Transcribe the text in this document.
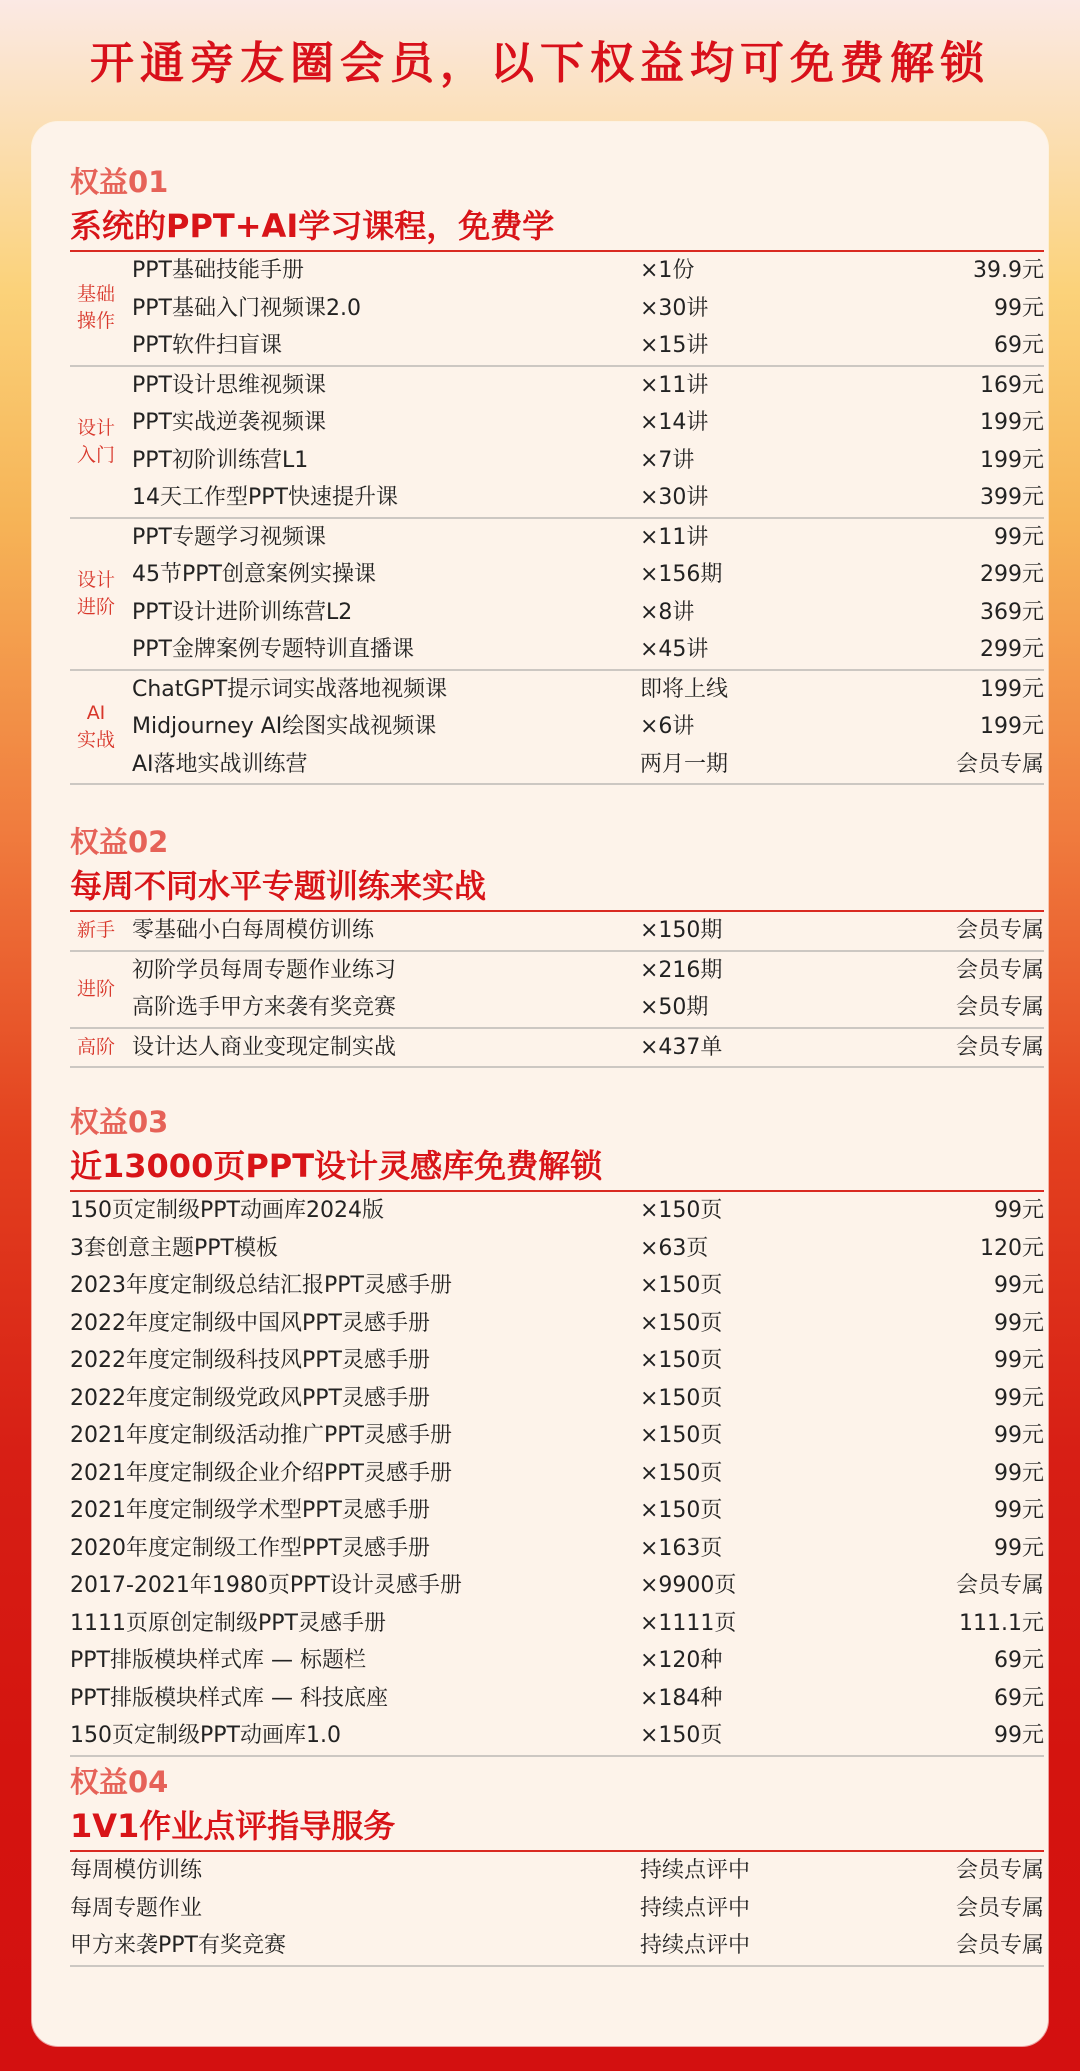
开通旁友圈会员，以下权益均可免费解锁
权益01
系统的PPT+AI学习课程，免费学
基础
操作
PPT基础技能手册	×1份	39.9元
PPT基础入门视频课2.0	×30讲	99元
PPT软件扫盲课	×15讲	69元
设计
入门
PPT设计思维视频课	×11讲	169元
PPT实战逆袭视频课	×14讲	199元
PPT初阶训练营L1	×7讲	199元
14天工作型PPT快速提升课	×30讲	399元
设计
进阶
PPT专题学习视频课	×11讲	99元
45节PPT创意案例实操课	×156期	299元
PPT设计进阶训练营L2	×8讲	369元
PPT金牌案例专题特训直播课	×45讲	299元
AI
实战
ChatGPT提示词实战落地视频课	即将上线	199元
Midjourney AI绘图实战视频课	×6讲	199元
AI落地实战训练营	两月一期	会员专属
权益02
每周不同水平专题训练来实战
新手 零基础小白每周模仿训练	×150期	会员专属
进阶
初阶学员每周专题作业练习	×216期	会员专属
高阶选手甲方来袭有奖竞赛	×50期	会员专属
高阶 设计达人商业变现定制实战	×437单	会员专属
权益03
近13000页PPT设计灵感库免费解锁
150页定制级PPT动画库2024版	×150页	99元
3套创意主题PPT模板	×63页	120元
2023年度定制级总结汇报PPT灵感手册	×150页	99元
2022年度定制级中国风PPT灵感手册	×150页	99元
2022年度定制级科技风PPT灵感手册	×150页	99元
2022年度定制级党政风PPT灵感手册	×150页	99元
2021年度定制级活动推广PPT灵感手册	×150页	99元
2021年度定制级企业介绍PPT灵感手册	×150页	99元
2021年度定制级学术型PPT灵感手册	×150页	99元
2020年度定制级工作型PPT灵感手册	×163页	99元
2017-2021年1980页PPT设计灵感手册	×9900页	会员专属
1111页原创定制级PPT灵感手册	×1111页	111.1元
PPT排版模块样式库 — 标题栏	×120种	69元
PPT排版模块样式库 — 科技底座	×184种	69元
150页定制级PPT动画库1.0	×150页	99元
权益04
1V1作业点评指导服务
每周模仿训练	持续点评中	会员专属
每周专题作业	持续点评中	会员专属
甲方来袭PPT有奖竞赛	持续点评中	会员专属
